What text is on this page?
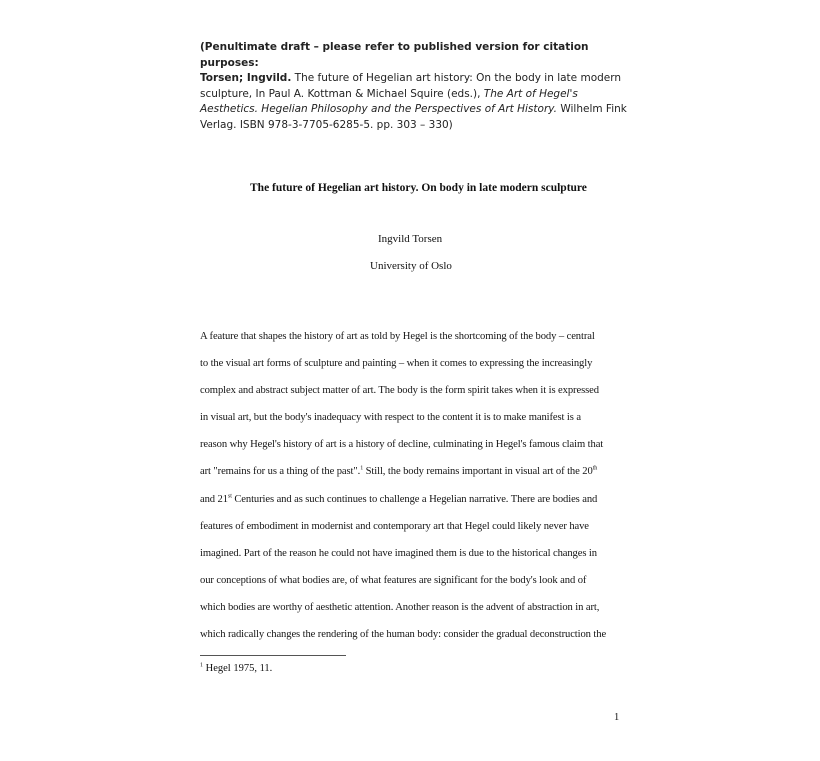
(Penultimate draft – please refer to published version for citation purposes:
Torsen; Ingvild. The future of Hegelian art history: On the body in late modern sculpture, In Paul A. Kottman & Michael Squire (eds.), The Art of Hegel's Aesthetics. Hegelian Philosophy and the Perspectives of Art History. Wilhelm Fink Verlag. ISBN 978-3-7705-6285-5. pp. 303 – 330)
The future of Hegelian art history. On body in late modern sculpture
Ingvild Torsen
University of Oslo
A feature that shapes the history of art as told by Hegel is the shortcoming of the body – central
to the visual art forms of sculpture and painting – when it comes to expressing the increasingly
complex and abstract subject matter of art. The body is the form spirit takes when it is expressed
in visual art, but the body's inadequacy with respect to the content it is to make manifest is a
reason why Hegel's history of art is a history of decline, culminating in Hegel's famous claim that
art "remains for us a thing of the past".$^1$ Still, the body remains important in visual art of the 20th
and 21st Centuries and as such continues to challenge a Hegelian narrative. There are bodies and
features of embodiment in modernist and contemporary art that Hegel could likely never have
imagined. Part of the reason he could not have imagined them is due to the historical changes in
our conceptions of what bodies are, of what features are significant for the body's look and of
which bodies are worthy of aesthetic attention. Another reason is the advent of abstraction in art,
which radically changes the rendering of the human body: consider the gradual deconstruction the
$^1$ Hegel 1975, 11.
1
